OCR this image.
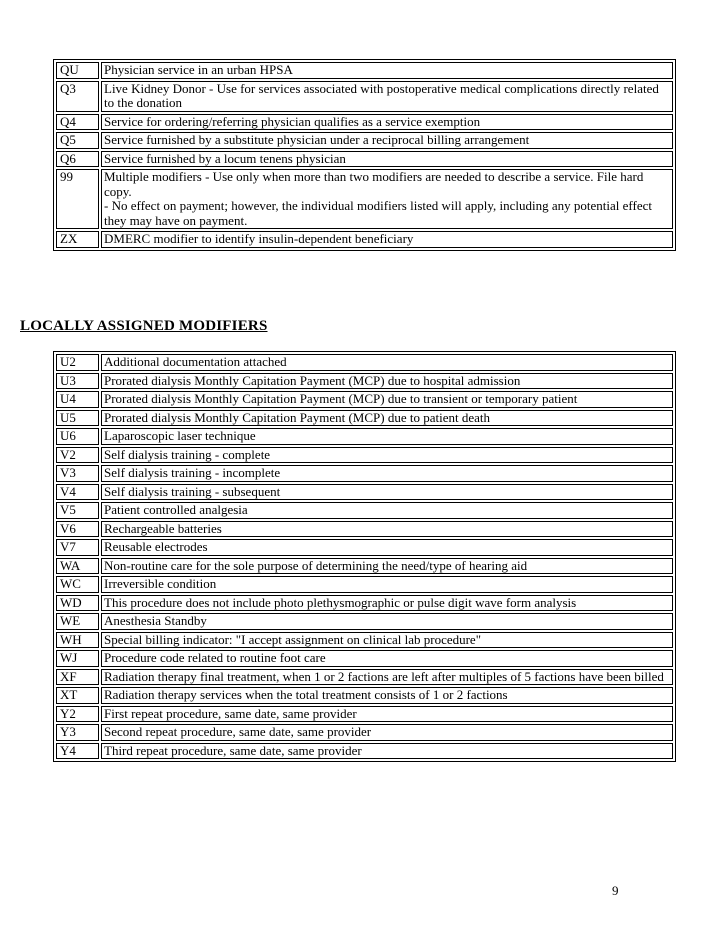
QU	Physician service in an urban HPSA

Q3	Live Kidney Donor - Use for services associated with postoperative medical complications directly related to the donation

Q4	Service for ordering/referring physician qualifies as a service exemption

Q5	Service furnished by a substitute physician under a reciprocal billing arrangement

Q6	Service furnished by a locum tenens physician

99	Multiple modifiers - Use only when more than two modifiers are needed to describe a service. File hard copy.
- No effect on payment; however, the individual modifiers listed will apply, including any potential effect they may have on payment.

ZX	DMERC modifier to identify insulin-dependent beneficiary
LOCALLY ASSIGNED MODIFIERS
U2	Additional documentation attached

U3	Prorated dialysis Monthly Capitation Payment (MCP) due to hospital admission

U4	Prorated dialysis Monthly Capitation Payment (MCP) due to transient or temporary patient

U5	Prorated dialysis Monthly Capitation Payment (MCP) due to patient death

U6	Laparoscopic laser technique

V2	Self dialysis training - complete

V3	Self dialysis training - incomplete

V4	Self dialysis training - subsequent

V5	Patient controlled analgesia

V6	Rechargeable batteries

V7	Reusable electrodes

WA	Non-routine care for the sole purpose of determining the need/type of hearing aid

WC	Irreversible condition

WD	This procedure does not include photo plethysmographic or pulse digit wave form analysis

WE	Anesthesia Standby

WH	Special billing indicator: "I accept assignment on clinical lab procedure"

WJ	Procedure code related to routine foot care

XF	Radiation therapy final treatment, when 1 or 2 factions are left after multiples of 5 factions have been billed

XT	Radiation therapy services when the total treatment consists of 1 or 2 factions

Y2	First repeat procedure, same date, same provider

Y3	Second repeat procedure, same date, same provider

Y4	Third repeat procedure, same date, same provider
9
